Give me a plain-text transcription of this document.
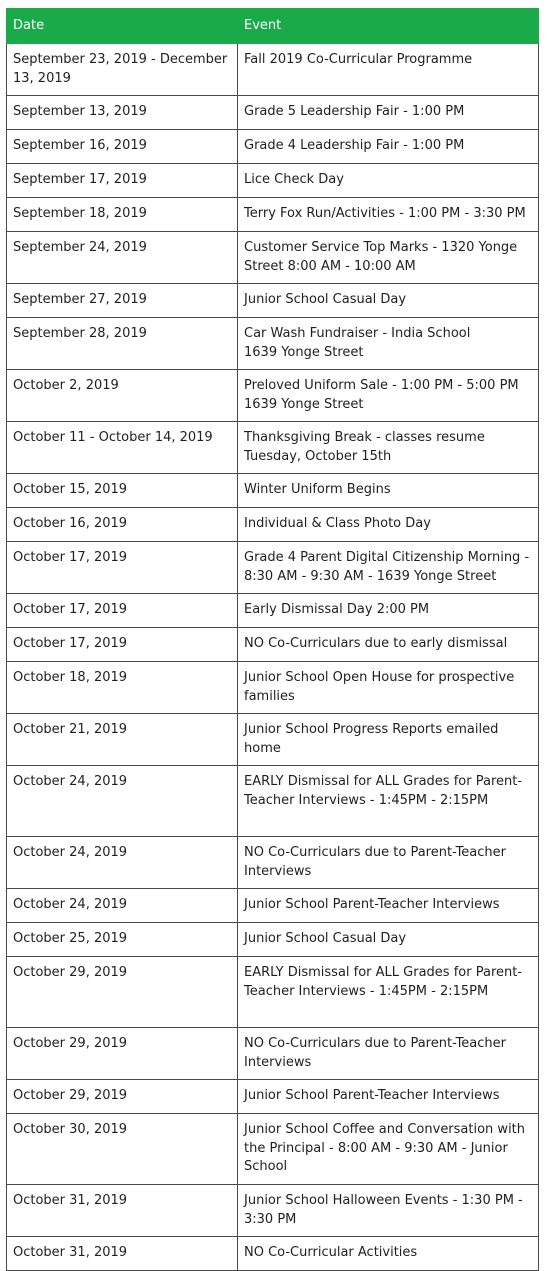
Date	Event
September 23, 2019 - December 13, 2019	Fall 2019 Co-Curricular Programme

September 13, 2019	Grade 5 Leadership Fair - 1:00 PM

September 16, 2019	Grade 4 Leadership Fair - 1:00 PM

September 17, 2019	Lice Check Day

September 18, 2019	Terry Fox Run/Activities - 1:00 PM - 3:30 PM

September 24, 2019	Customer Service Top Marks - 1320 Yonge Street 8:00 AM - 10:00 AM

September 27, 2019	Junior School Casual Day

September 28, 2019	Car Wash Fundraiser - India School
1639 Yonge Street

October 2, 2019	Preloved Uniform Sale - 1:00 PM - 5:00 PM
1639 Yonge Street

October 11 - October 14, 2019	Thanksgiving Break - classes resume Tuesday, October 15th

October 15, 2019	Winter Uniform Begins

October 16, 2019	Individual & Class Photo Day

October 17, 2019	Grade 4 Parent Digital Citizenship Morning - 8:30 AM - 9:30 AM - 1639 Yonge Street

October 17, 2019	Early Dismissal Day 2:00 PM

October 17, 2019	NO Co-Curriculars due to early dismissal

October 18, 2019	Junior School Open House for prospective families

October 21, 2019	Junior School Progress Reports emailed home

October 24, 2019	EARLY Dismissal for ALL Grades for Parent-Teacher Interviews - 1:45PM - 2:15PM

October 24, 2019	NO Co-Curriculars due to Parent-Teacher Interviews

October 24, 2019	Junior School Parent-Teacher Interviews

October 25, 2019	Junior School Casual Day

October 29, 2019	EARLY Dismissal for ALL Grades for Parent-Teacher Interviews - 1:45PM - 2:15PM

October 29, 2019	NO Co-Curriculars due to Parent-Teacher Interviews

October 29, 2019	Junior School Parent-Teacher Interviews

October 30, 2019	Junior School Coffee and Conversation with the Principal - 8:00 AM - 9:30 AM - Junior School

October 31, 2019	Junior School Halloween Events - 1:30 PM - 3:30 PM

October 31, 2019	NO Co-Curricular Activities
